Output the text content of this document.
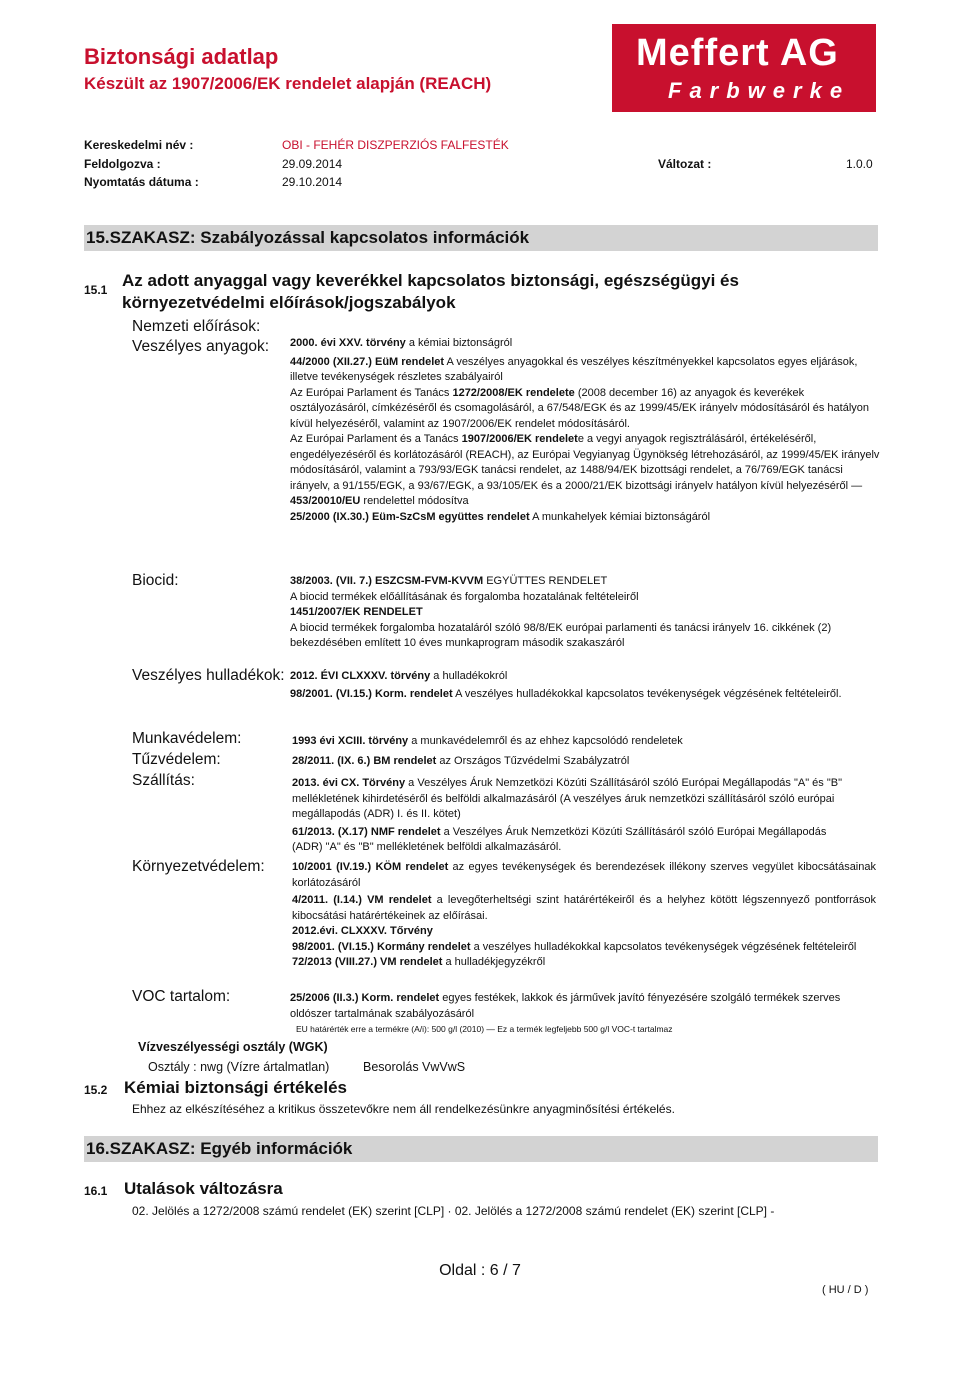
Biztonsági adatlap
Készült az 1907/2006/EK rendelet alapján (REACH)
Meffert AG
Farbwerke
Kereskedelmi név :	OBI - FEHÉR DISZPERZIÓS FALFESTÉK
Feldolgozva :	29.09.2014	Változat :	1.0.0
Nyomtatás dátuma :	29.10.2014
15.SZAKASZ: Szabályozással kapcsolatos információk
15.1 Az adott anyaggal vagy keverékkel kapcsolatos biztonsági, egészségügyi és környezetvédelmi előírások/jogszabályok
Nemzeti előírások:
Veszélyes anyagok: 2000. évi XXV. törvény a kémiai biztonságról
44/2000 (XII.27.) EüM rendelet A veszélyes anyagokkal és veszélyes készítményekkel kapcsolatos egyes eljárások, illetve tevékenységek részletes szabályairól
Az Európai Parlament és Tanács 1272/2008/EK rendelete (2008 december 16) az anyagok és keverékek osztályozásáról, címkézéséről és csomagolásáról, a 67/548/EGK és az 1999/45/EK irányelv módosításáról és hatályon kívül helyezéséről, valamint az 1907/2006/EK rendelet módosításáról.
Az Európai Parlament és a Tanács 1907/2006/EK rendelete a vegyi anyagok regisztrálásáról, értékeléséről, engedélyezéséről és korlátozásáról (REACH), az Európai Vegyianyag Ügynökség létrehozásáról, az 1999/45/EK irányelv módosításáról, valamint a 793/93/EGK tanácsi rendelet, az 1488/94/EK bizottsági rendelet, a 76/769/EGK tanácsi irányelv, a 91/155/EGK, a 93/67/EGK, a 93/105/EK és a 2000/21/EK bizottsági irányelv hatályon kívül helyezéséről — 453/20010/EU rendelettel módosítva
25/2000 (IX.30.) Eüm-SzCsM együttes rendelet A munkahelyek kémiai biztonságáról
Biocid:	38/2003. (VII. 7.) ESZCSM-FVM-KVVM EGYÜTTES RENDELET
A biocid termékek előállításának és forgalomba hozatalának feltételeiről
1451/2007/EK RENDELET
A biocid termékek forgalomba hozataláról szóló 98/8/EK európai parlamenti és tanácsi irányelv 16. cikkének (2) bekezdésében említett 10 éves munkaprogram második szakaszáról
Veszélyes hulladékok: 2012. ÉVI CLXXXV. törvény a hulladékokról
98/2001. (VI.15.) Korm. rendelet A veszélyes hulladékokkal kapcsolatos tevékenységek végzésének feltételeiről.
Munkavédelem:	1993 évi XCIII. törvény a munkavédelemről és az ehhez kapcsolódó rendeletek
Tűzvédelem:	28/2011. (IX. 6.) BM rendelet az Országos Tűzvédelmi Szabályzatról
Szállítás:	2013. évi CX. Törvény a Veszélyes Áruk Nemzetközi Közúti Szállításáról szóló Európai Megállapodás "A" és "B" mellékletének kihirdetéséről és belföldi alkalmazásáról (A veszélyes áruk nemzetközi szállításáról szóló európai megállapodás (ADR) I. és II. kötet)
61/2013. (X.17) NMF rendelet a Veszélyes Áruk Nemzetközi Közúti Szállításáról szóló Európai Megállapodás (ADR) "A" és "B" mellékletének belföldi alkalmazásáról.
Környezetvédelem: 10/2001 (IV.19.) KÖM rendelet az egyes tevékenységek és berendezések illékony szerves vegyület kibocsátásainak korlátozásáról
4/2011. (I.14.) VM rendelet a levegőterheltségi szint határértékeiről és a helyhez kötött légszennyező pontforrások kibocsátási határértékeinek az előírásai.
2012.évi. CLXXXV. Tőrvény
98/2001. (VI.15.) Kormány rendelet a veszélyes hulladékokkal kapcsolatos tevékenységek végzésének feltételeiről
72/2013 (VIII.27.) VM rendelet a hulladékjegyzékről
VOC tartalom:	25/2006 (II.3.) Korm. rendelet egyes festékek, lakkok és járművek javító fényezésére szolgáló termékek szerves oldószer tartalmának szabályozásáról
EU határérték erre a termékre (A/i): 500 g/l (2010) — Ez a termék legfeljebb 500 g/l VOC-t tartalmaz
Vízveszélyességi osztály (WGK)
Osztály : nwg (Vízre ártalmatlan)	Besorolás VwVwS
15.2 Kémiai biztonsági értékelés
Ehhez az elkészítéséhez a kritikus összetevőkre nem áll rendelkezésünkre anyagminősítési értékelés.
16.SZAKASZ: Egyéb információk
16.1 Utalások változásra
02. Jelölés a 1272/2008 számú rendelet (EK) szerint [CLP] · 02. Jelölés a 1272/2008 számú rendelet (EK) szerint [CLP] -
Oldal : 6 / 7
( HU / D )
